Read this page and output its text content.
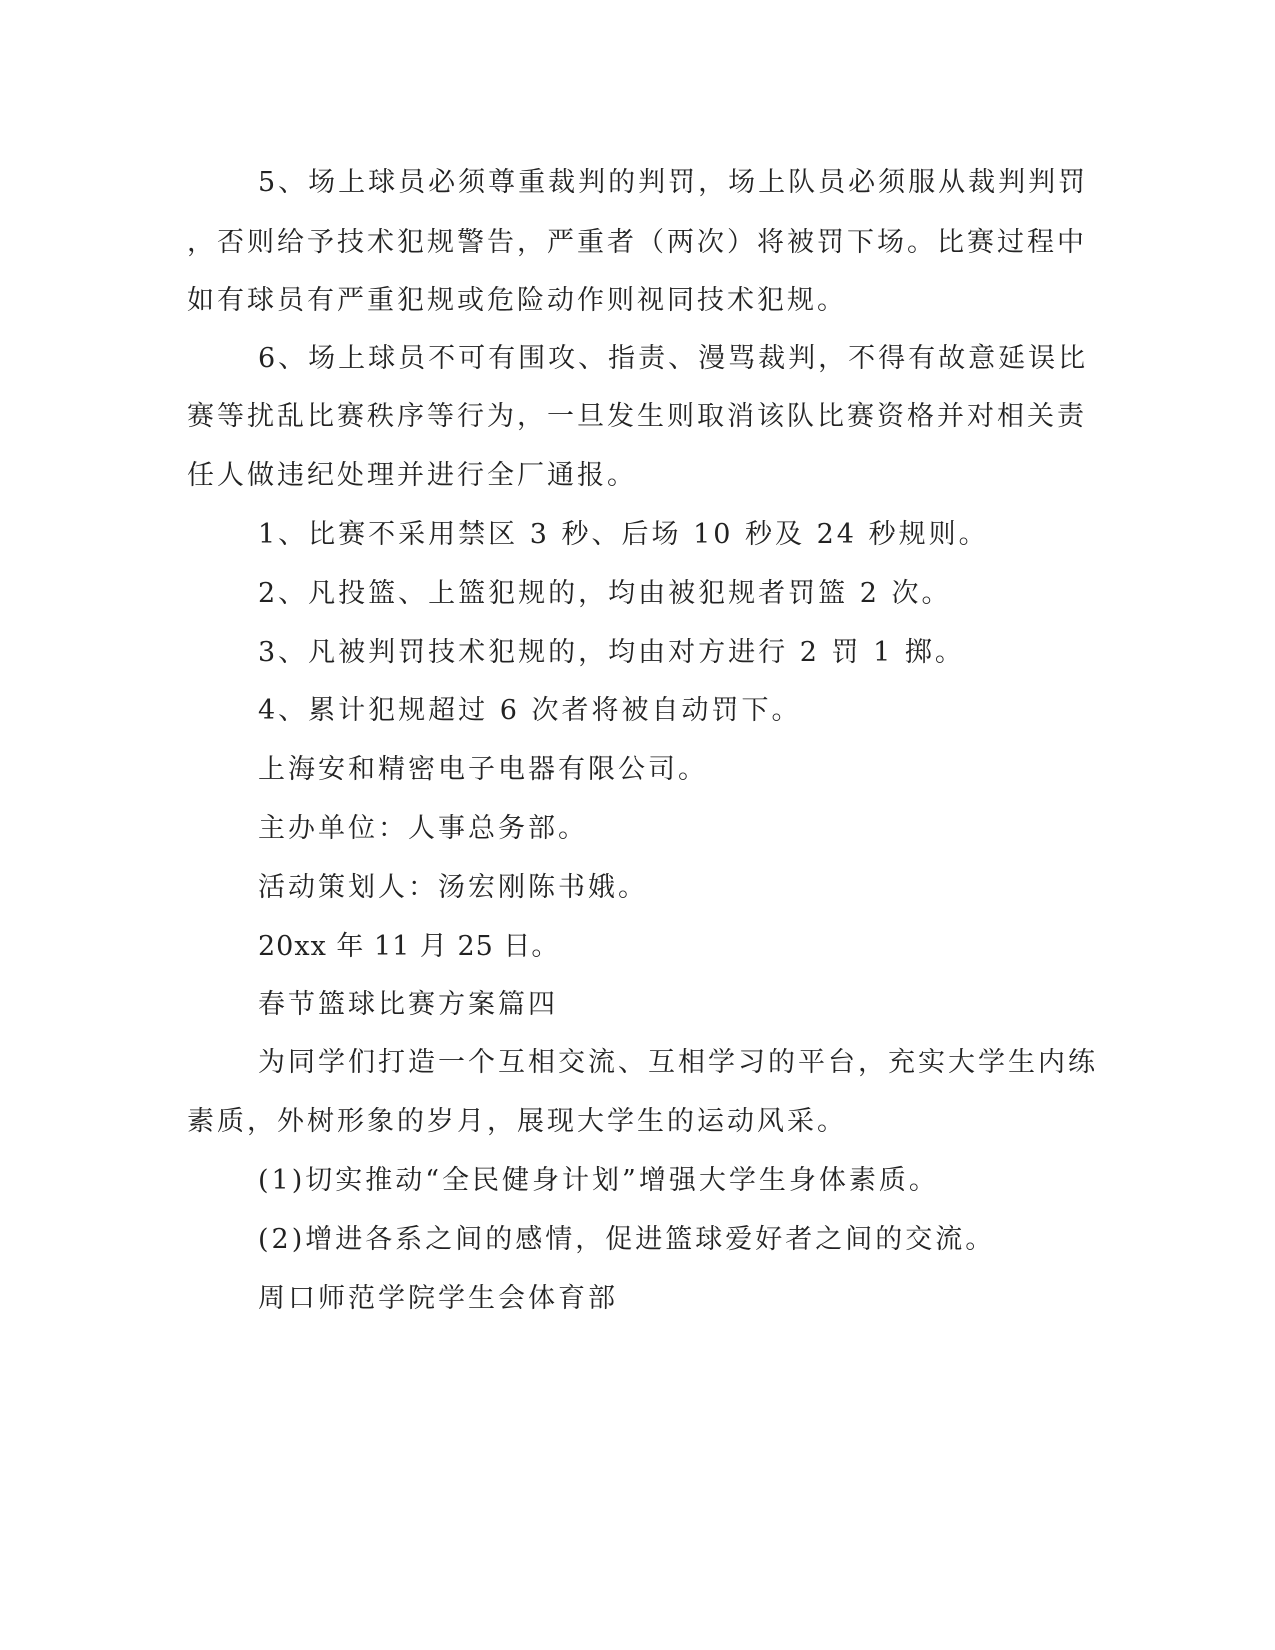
5、场上球员必须尊重裁判的判罚，场上队员必须服从裁判判罚
，否则给予技术犯规警告，严重者（两次）将被罚下场。比赛过程中
如有球员有严重犯规或危险动作则视同技术犯规。
6、场上球员不可有围攻、指责、漫骂裁判，不得有故意延误比
赛等扰乱比赛秩序等行为，一旦发生则取消该队比赛资格并对相关责
任人做违纪处理并进行全厂通报。
1、比赛不采用禁区 3 秒、后场 10 秒及 24 秒规则。
2、凡投篮、上篮犯规的，均由被犯规者罚篮 2 次。
3、凡被判罚技术犯规的，均由对方进行 2 罚 1 掷。
4、累计犯规超过 6 次者将被自动罚下。
上海安和精密电子电器有限公司。
主办单位：人事总务部。
活动策划人：汤宏刚陈书娥。
20xx 年 11 月 25 日。
春节篮球比赛方案篇四
为同学们打造一个互相交流、互相学习的平台，充实大学生内练
素质，外树形象的岁月，展现大学生的运动风采。
(1)切实推动“全民健身计划”增强大学生身体素质。
(2)增进各系之间的感情，促进篮球爱好者之间的交流。
周口师范学院学生会体育部
